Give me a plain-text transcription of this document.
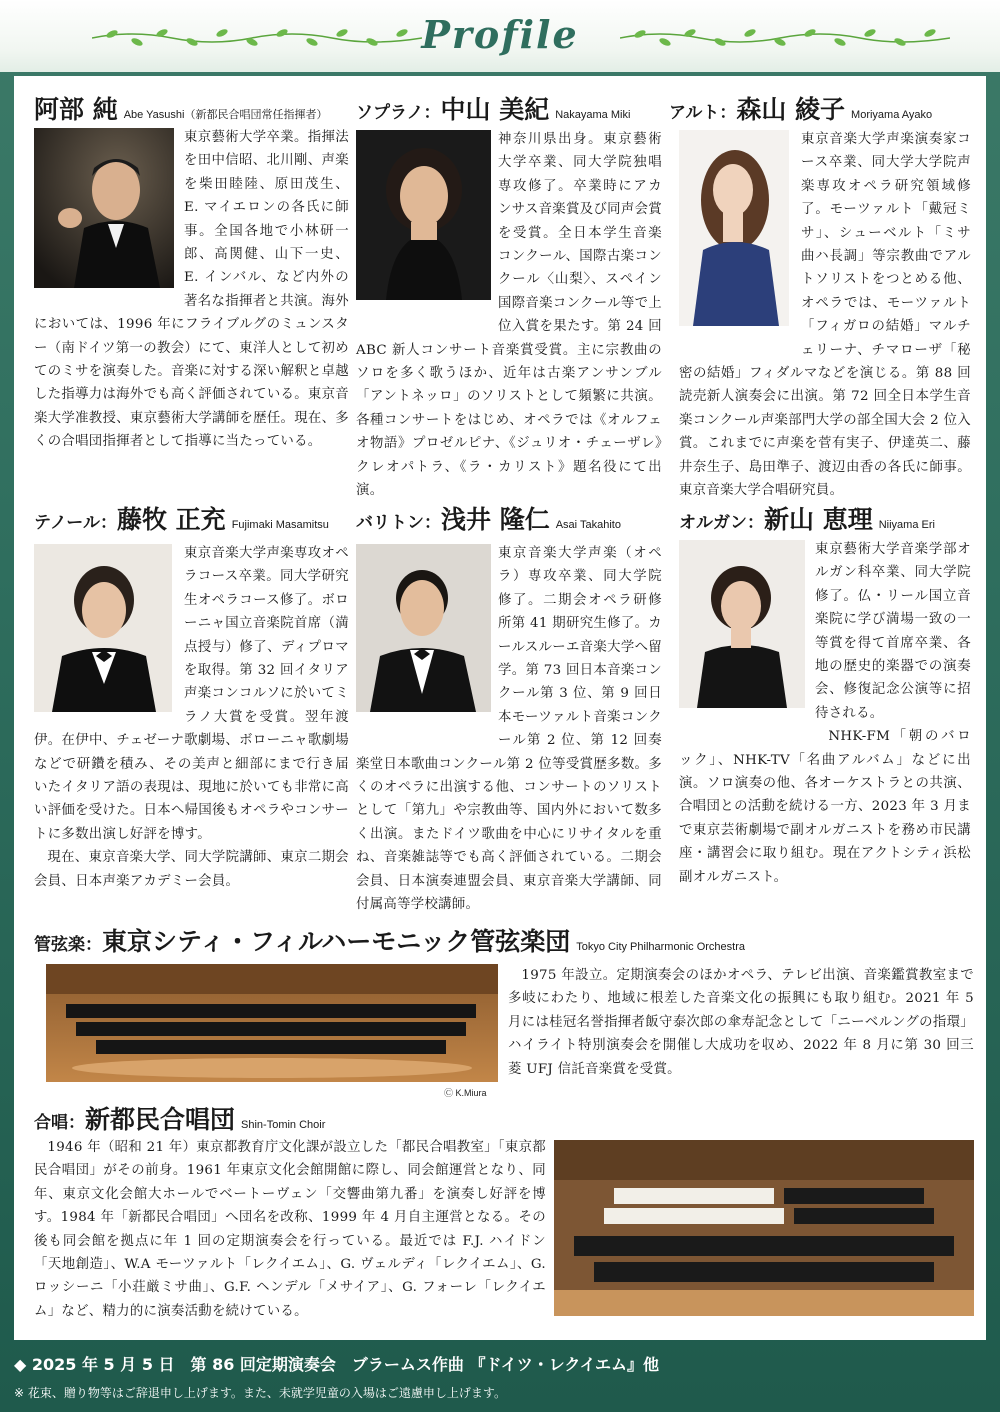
Profile
阿部 純 Abe Yasushi（新都民合唱団常任指揮者）
東京藝術大学卒業。指揮法を田中信昭、北川剛、声楽を柴田睦陸、原田茂生、E. マイエロンの各氏に師事。全国各地で小林研一郎、高関健、山下一史、E. インバル、など内外の著名な指揮者と共演。海外においては、1996 年にフライブルグのミュンスター（南ドイツ第一の教会）にて、東洋人として初めてのミサを演奏した。音楽に対する深い解釈と卓越した指導力は海外でも高く評価されている。東京音楽大学准教授、東京藝術大学講師を歴任。現在、多くの合唱団指揮者として指導に当たっている。
ソプラノ：中山 美紀 Nakayama Miki
神奈川県出身。東京藝術大学卒業、同大学院独唱専攻修了。卒業時にアカンサス音楽賞及び同声会賞を受賞。全日本学生音楽コンクール、国際古楽コンクール〈山梨〉、スペイン国際音楽コンクール等で上位入賞を果たす。第 24 回 ABC 新人コンサート音楽賞受賞。主に宗教曲のソロを多く歌うほか、近年は古楽アンサンブル「アントネッロ」のソリストとして頻繁に共演。各種コンサートをはじめ、オペラでは《オルフェオ物語》プロゼルピナ、《ジュリオ・チェーザレ》クレオパトラ、《ラ・カリスト》題名役にて出演。
アルト：森山 綾子 Moriyama Ayako
東京音楽大学声楽演奏家コース卒業、同大学大学院声楽専攻オペラ研究領域修了。モーツァルト「戴冠ミサ」、シューベルト「ミサ曲ハ長調」等宗教曲でアルトソリストをつとめる他、オペラでは、モーツァルト「フィガロの結婚」マルチェリーナ、チマローザ「秘密の結婚」フィダルマなどを演じる。第 88 回読売新人演奏会に出演。第 72 回全日本学生音楽コンクール声楽部門大学の部全国大会 2 位入賞。これまでに声楽を菅有実子、伊達英二、藤井奈生子、島田準子、渡辺由香の各氏に師事。東京音楽大学合唱研究員。
テノール：藤牧 正充 Fujimaki Masamitsu
東京音楽大学声楽専攻オペラコース卒業。同大学研究生オペラコース修了。ボローニャ国立音楽院首席（満点授与）修了、ディプロマを取得。第 32 回イタリア声楽コンコルソに於いてミラノ大賞を受賞。翌年渡伊。在伊中、チェゼーナ歌劇場、ボローニャ歌劇場などで研鑽を積み、その美声と細部にまで行き届いたイタリア語の表現は、現地に於いても非常に高い評価を受けた。日本へ帰国後もオペラやコンサートに多数出演し好評を博す。

現在、東京音楽大学、同大学院講師、東京二期会会員、日本声楽アカデミー会員。

バリトン：浅井 隆仁 Asai Takahito
東京音楽大学声楽（オペラ）専攻卒業、同大学院修了。二期会オペラ研修所第 41 期研究生修了。カールスルーエ音楽大学へ留学。第 73 回日本音楽コンクール第 3 位、第 9 回日本モーツァルト音楽コンクール第 2 位、第 12 回奏楽堂日本歌曲コンクール第 2 位等受賞歴多数。多くのオペラに出演する他、コンサートのソリストとして「第九」や宗教曲等、国内外において数多く出演。またドイツ歌曲を中心にリサイタルを重ね、音楽雑誌等でも高く評価されている。二期会会員、日本演奏連盟会員、東京音楽大学講師、同付属高等学校講師。
オルガン：新山 恵理 Niiyama Eri
東京藝術大学音楽学部オルガン科卒業、同大学院修了。仏・リール国立音楽院に学び満場一致の一等賞を得て首席卒業、各地の歴史的楽器での演奏会、修復記念公演等に招待される。

NHK-FM「朝のバロック」、NHK-TV「名曲アルバム」などに出演。ソロ演奏の他、各オーケストラとの共演、合唱団との活動を続ける一方、2023 年 3 月まで東京芸術劇場で副オルガニストを務め市民講座・講習会に取り組む。現在アクトシティ浜松副オルガニスト。

管弦楽：東京シティ・フィルハーモニック管弦楽団 Tokyo City Philharmonic Orchestra
Ⓒ K.Miura

1975 年設立。定期演奏会のほかオペラ、テレビ出演、音楽鑑賞教室まで多岐にわたり、地域に根差した音楽文化の振興にも取り組む。2021 年 5 月には桂冠名誉指揮者飯守泰次郎の傘寿記念として「ニーベルングの指環」ハイライト特別演奏会を開催し大成功を収め、2022 年 8 月に第 30 回三菱 UFJ 信託音楽賞を受賞。

合唱：新都民合唱団 Shin-Tomin Choir

1946 年（昭和 21 年）東京都教育庁文化課が設立した「都民合唱教室」「東京都民合唱団」がその前身。1961 年東京文化会館開館に際し、同会館運営となり、同年、東京文化会館大ホールでベートーヴェン「交響曲第九番」を演奏し好評を博す。1984 年「新都民合唱団」へ団名を改称、1999 年 4 月自主運営となる。その後も同会館を拠点に年 1 回の定期演奏会を行っている。最近では F.J. ハイドン「天地創造」、W.A モーツァルト「レクイエム」、G. ヴェルディ「レクイエム」、G. ロッシーニ「小荘厳ミサ曲」、G.F. ヘンデル「メサイア」、G. フォーレ「レクイエム」など、精力的に演奏活動を続けている。

◆ 2025 年 5 月 5 日　第 86 回定期演奏会　ブラームス作曲 『ドイツ・レクイエム』他
※ 花束、贈り物等はご辞退申し上げます。また、未就学児童の入場はご遠慮申し上げます。
